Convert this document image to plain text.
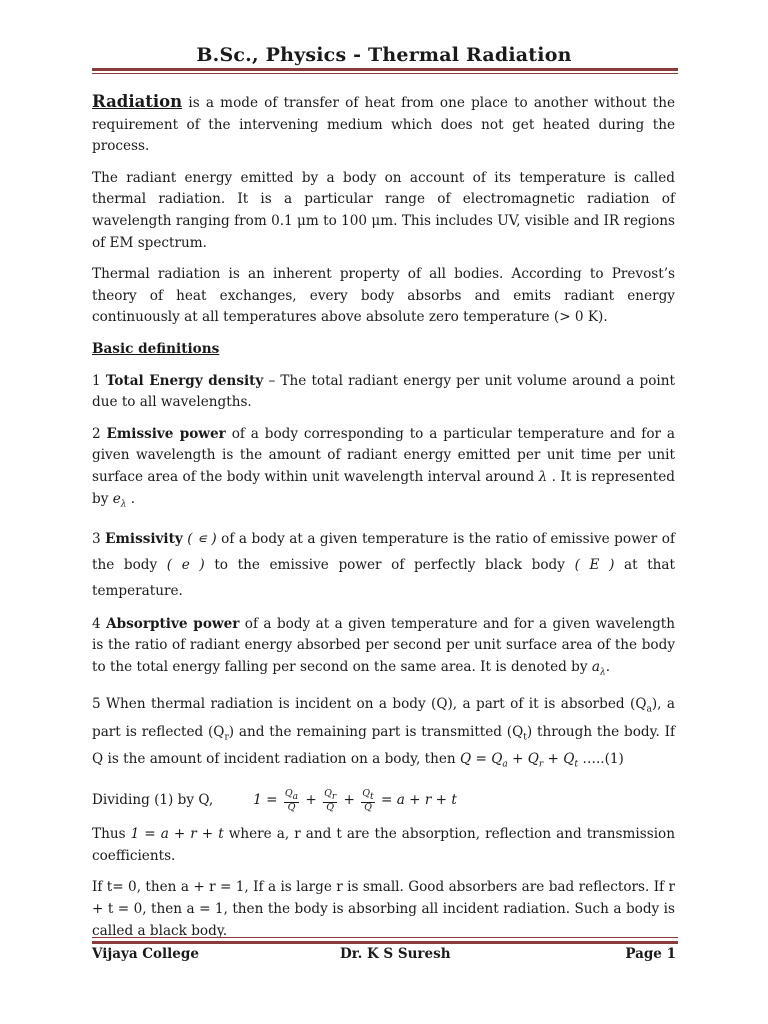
B.Sc., Physics - Thermal Radiation

Radiation is a mode of transfer of heat from one place to another without the requirement of the intervening medium which does not get heated during the process.

The radiant energy emitted by a body on account of its temperature is called thermal radiation. It is a particular range of electromagnetic radiation of wavelength ranging from 0.1 μm to 100 μm. This includes UV, visible and IR regions of EM spectrum.

Thermal radiation is an inherent property of all bodies. According to Prevost’s theory of heat exchanges, every body absorbs and emits radiant energy continuously at all temperatures above absolute zero temperature (> 0 K).

Basic definitions

1 Total Energy density – The total radiant energy per unit volume around a point due to all wavelengths.

2 Emissive power of a body corresponding to a particular temperature and for a given wavelength is the amount of radiant energy emitted per unit time per unit surface area of the body within unit wavelength interval around λ . It is represented by $e_\lambda$ .

3 Emissivity ( ∊ ) of a body at a given temperature is the ratio of emissive power of the body ( e ) to the emissive power of perfectly black body ( E ) at that temperature.

4 Absorptive power of a body at a given temperature and for a given wavelength is the ratio of radiant energy absorbed per second per unit surface area of the body to the total energy falling per second on the same area. It is denoted by $a_\lambda$.

5 When thermal radiation is incident on a body (Q), a part of it is absorbed $(Q_a)$, a part is reflected $(Q_r)$ and the remaining part is transmitted $(Q_t)$ through the body. If Q is the amount of incident radiation on a body, then $Q = Q_a + Q_r + Q_t$ …..(1)

Dividing (1) by Q,	$1 = \frac{Q_a}{Q} + \frac{Q_r}{Q} + \frac{Q_t}{Q} = a + r + t$

Thus 1 = a + r + t where a, r and t are the absorption, reflection and transmission coefficients.

If t= 0, then a + r = 1, If a is large r is small. Good absorbers are bad reflectors. If r + t = 0, then a = 1, then the body is absorbing all incident radiation. Such a body is called a black body.

Vijaya College	Dr. K S Suresh	Page 1
